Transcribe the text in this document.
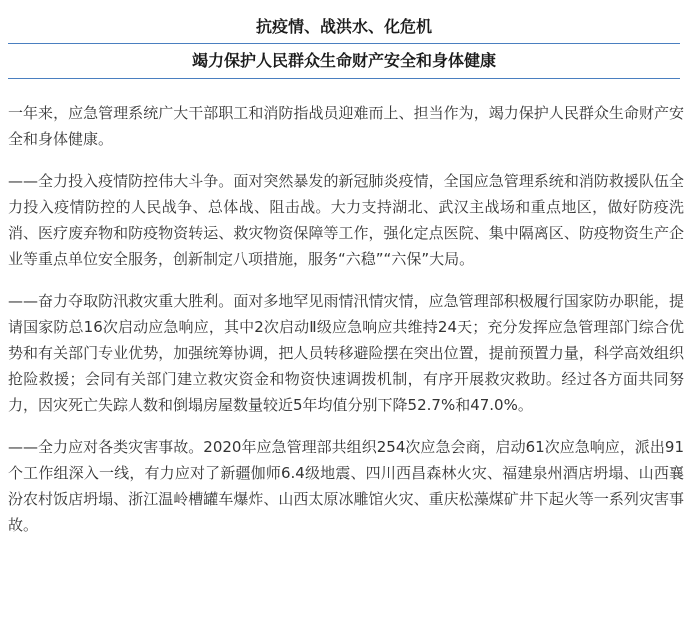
抗疫情、战洪水、化危机
竭力保护人民群众生命财产安全和身体健康

一年来，应急管理系统广大干部职工和消防指战员迎难而上、担当作为，竭力保护人民群众生命财产安全和身体健康。

——全力投入疫情防控伟大斗争。面对突然暴发的新冠肺炎疫情，全国应急管理系统和消防救援队伍全力投入疫情防控的人民战争、总体战、阻击战。大力支持湖北、武汉主战场和重点地区，做好防疫洗消、医疗废弃物和防疫物资转运、救灾物资保障等工作，强化定点医院、集中隔离区、防疫物资生产企业等重点单位安全服务，创新制定八项措施，服务“六稳”“六保”大局。

——奋力夺取防汛救灾重大胜利。面对多地罕见雨情汛情灾情，应急管理部积极履行国家防办职能，提请国家防总16次启动应急响应，其中2次启动Ⅱ级应急响应共维持24天；充分发挥应急管理部门综合优势和有关部门专业优势，加强统筹协调，把人员转移避险摆在突出位置，提前预置力量，科学高效组织抢险救援；会同有关部门建立救灾资金和物资快速调拨机制，有序开展救灾救助。经过各方面共同努力，因灾死亡失踪人数和倒塌房屋数量较近5年均值分别下降52.7%和47.0%。

——全力应对各类灾害事故。2020年应急管理部共组织254次应急会商，启动61次应急响应，派出91个工作组深入一线，有力应对了新疆伽师6.4级地震、四川西昌森林火灾、福建泉州酒店坍塌、山西襄汾农村饭店坍塌、浙江温岭槽罐车爆炸、山西太原冰雕馆火灾、重庆松藻煤矿井下起火等一系列灾害事故。
